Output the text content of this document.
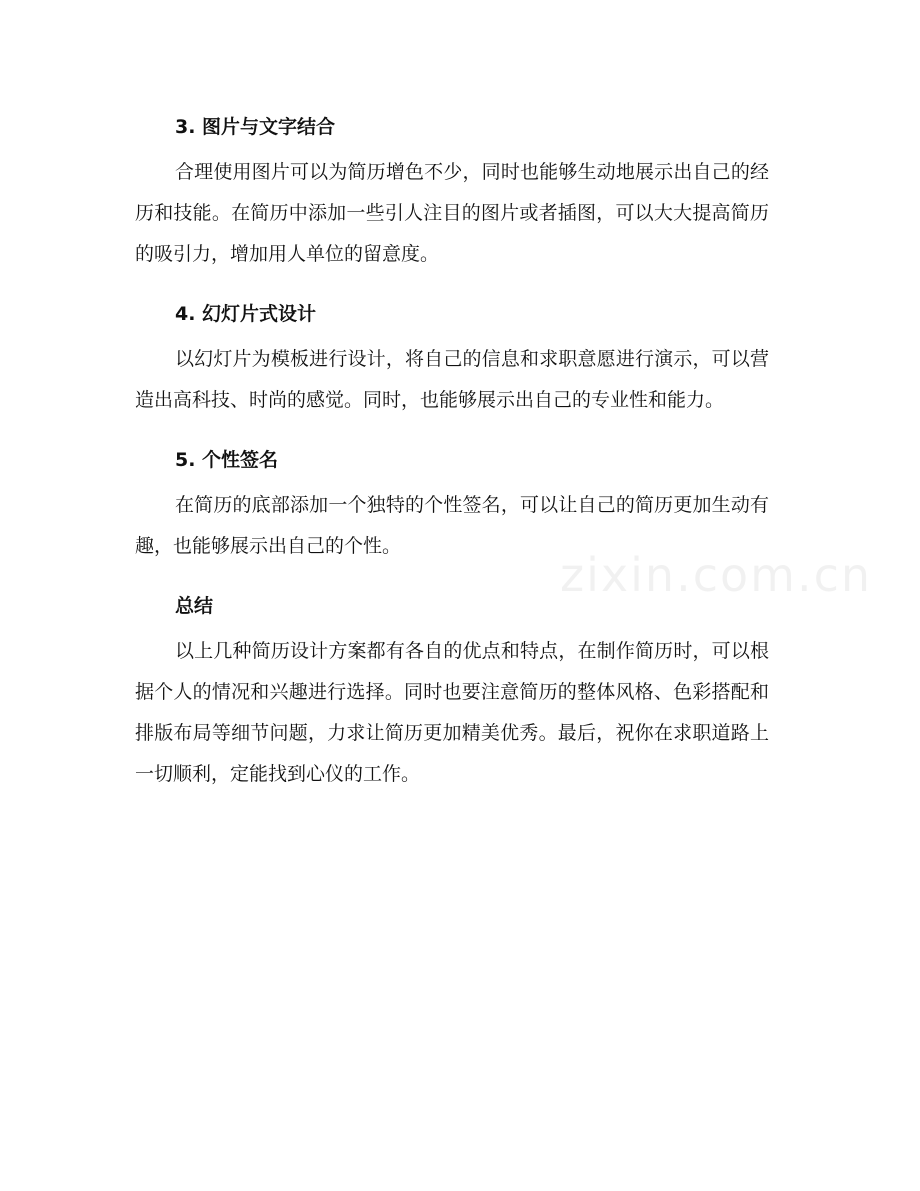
3. 图片与文字结合

合理使用图片可以为简历增色不少，同时也能够生动地展示出自己的经历和技能。在简历中添加一些引人注目的图片或者插图，可以大大提高简历的吸引力，增加用人单位的留意度。

4. 幻灯片式设计

以幻灯片为模板进行设计，将自己的信息和求职意愿进行演示，可以营造出高科技、时尚的感觉。同时，也能够展示出自己的专业性和能力。

5. 个性签名

在简历的底部添加一个独特的个性签名，可以让自己的简历更加生动有趣，也能够展示出自己的个性。

总结

以上几种简历设计方案都有各自的优点和特点，在制作简历时，可以根据个人的情况和兴趣进行选择。同时也要注意简历的整体风格、色彩搭配和排版布局等细节问题，力求让简历更加精美优秀。最后，祝你在求职道路上一切顺利，定能找到心仪的工作。

zixin.com.cn
